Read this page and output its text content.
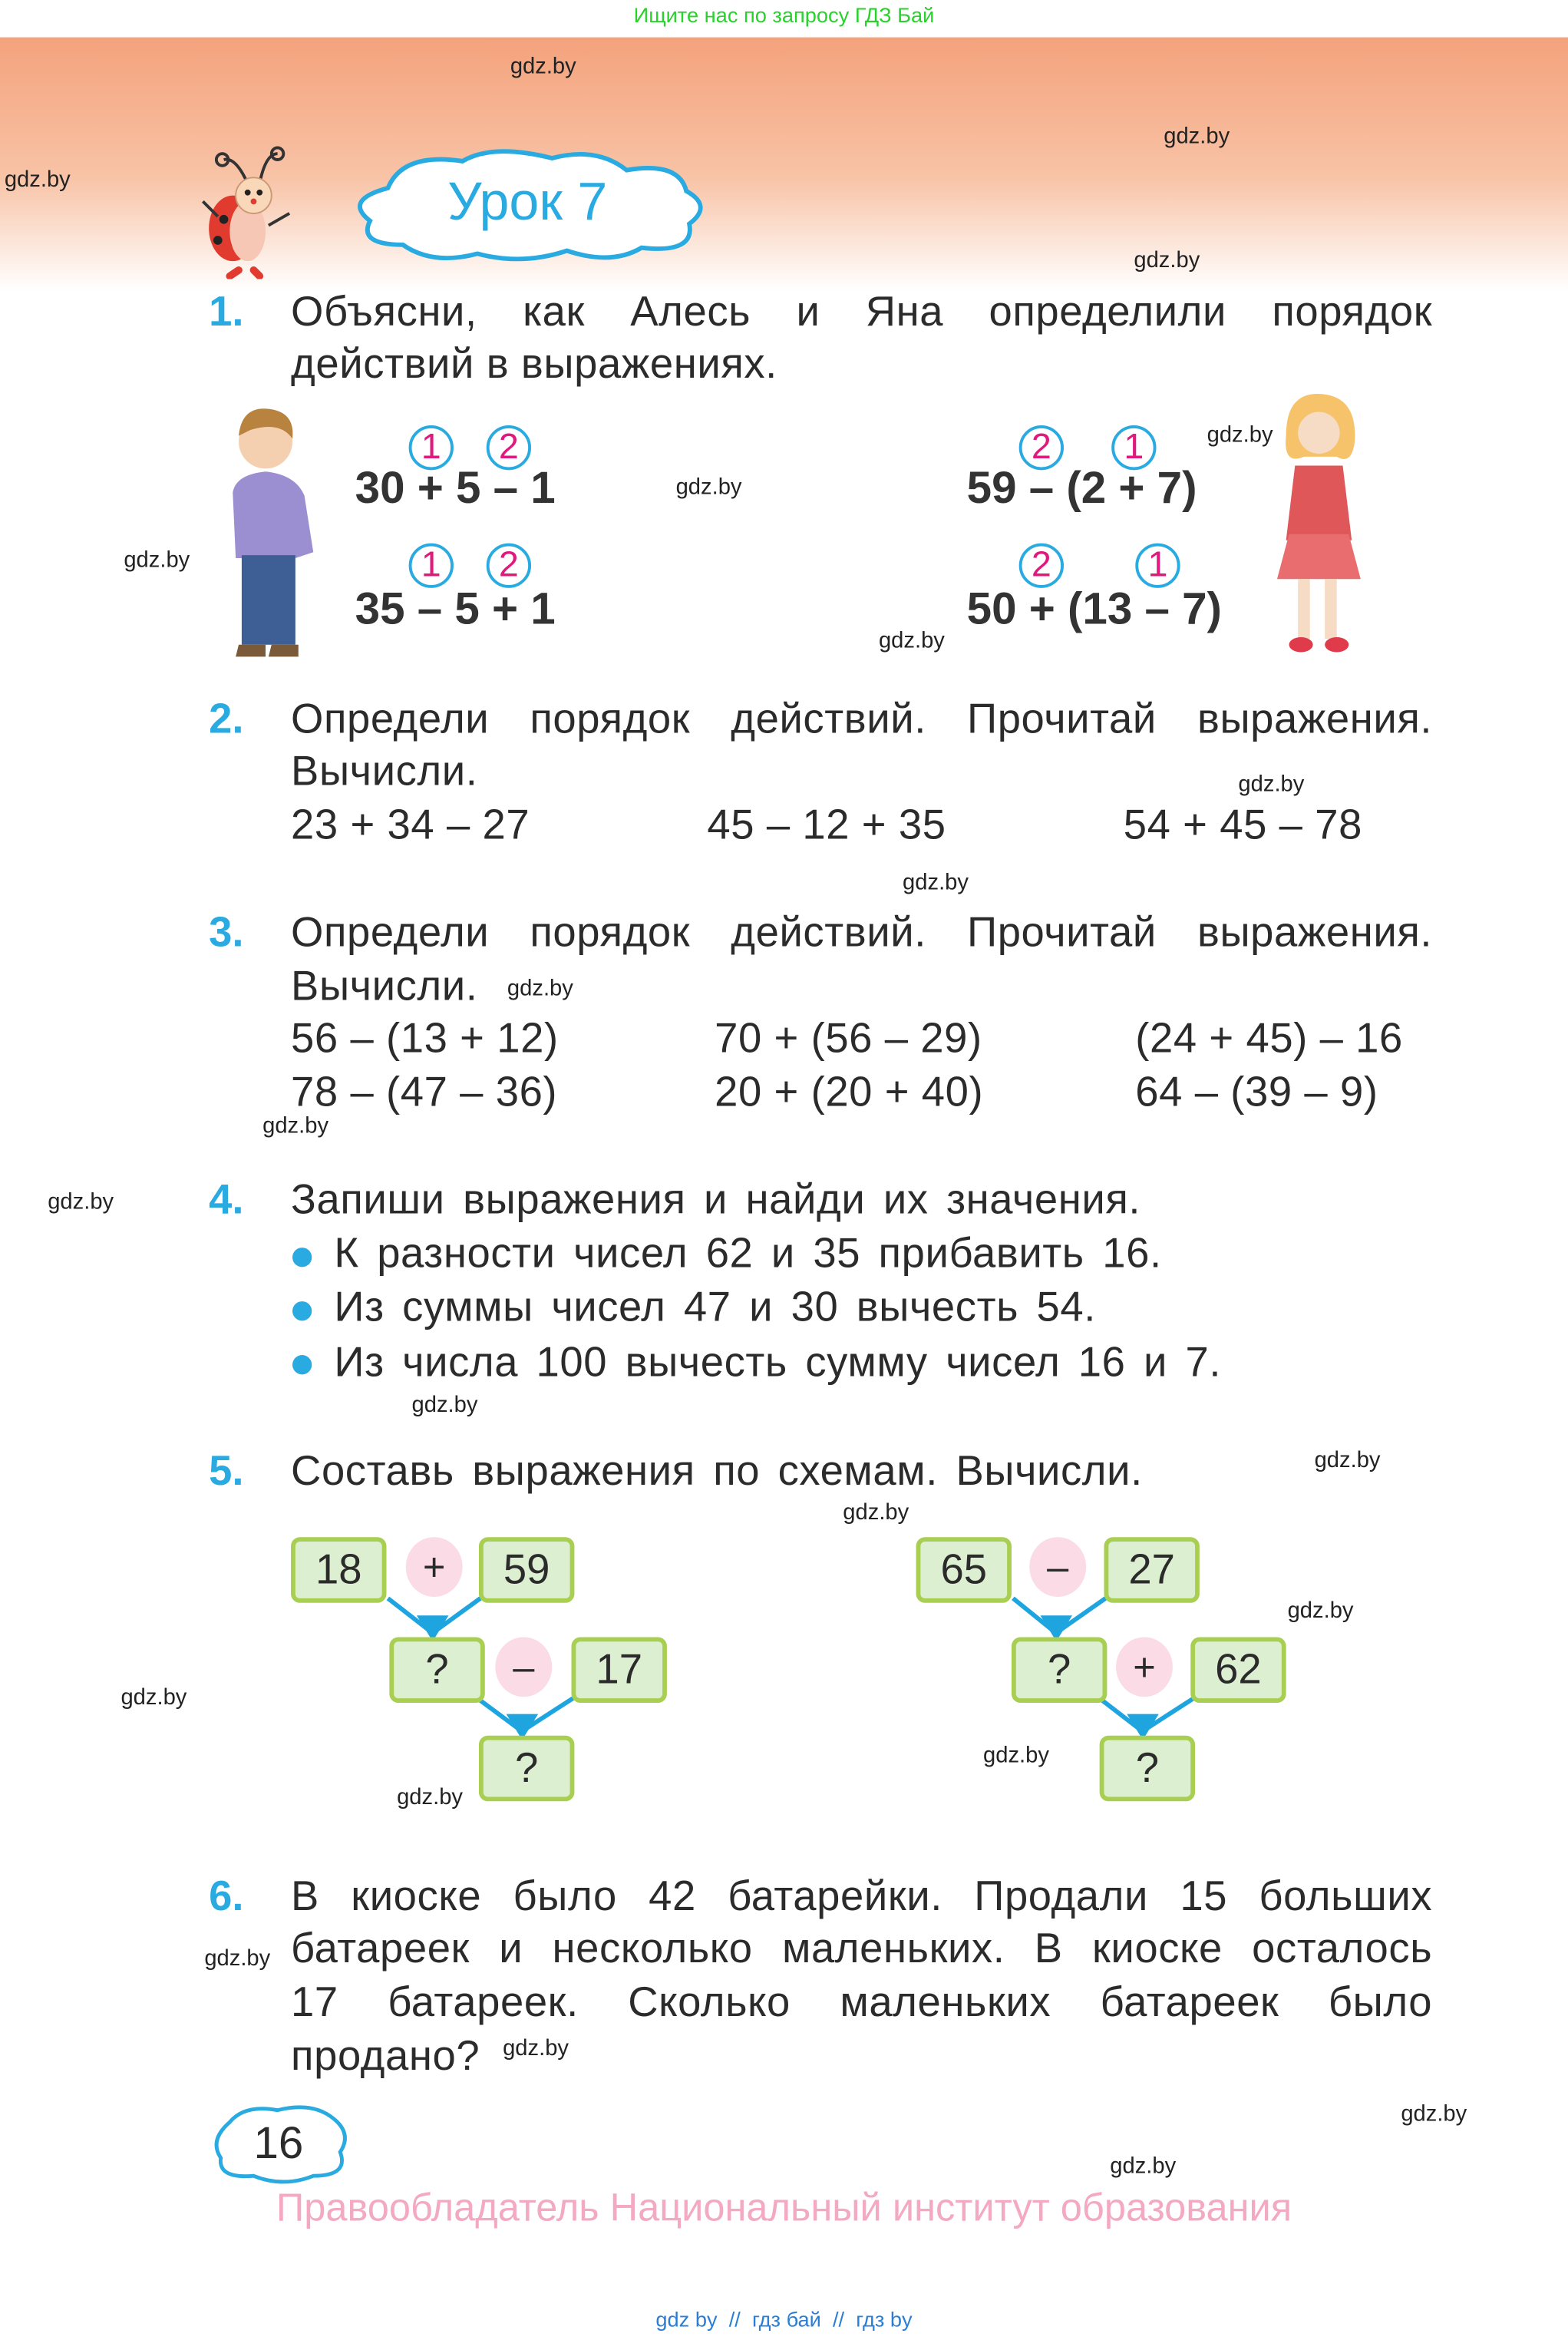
Ищите нас по запросу ГДЗ Бай
gdz.by
gdz.by
gdz.by
gdz.by
gdz.by
gdz.by
gdz.by
gdz.by
gdz.by
gdz.by
gdz.by
gdz.by
gdz.by
gdz.by
gdz.by
gdz.by
gdz.by
gdz.by
gdz.by
gdz.by
gdz.by
gdz.by
gdz.by
gdz.by
Урок 7
1. Объясни, как Алесь и Яна определили порядок
действий в выражениях.
1	2
30 + 5 – 1
1	2
35 – 5 + 1
2	1
59 – (2 + 7)
2	1
50 + (13 – 7)
2. Определи порядок действий. Прочитай выражения.
Вычисли.
23 + 34 – 27	45 – 12 + 35	54 + 45 – 78
3. Определи порядок действий. Прочитай выражения.
Вычисли.
56 – (13 + 12)	70 + (56 – 29)	(24 + 45) – 16
78 – (47 – 36)	20 + (20 + 40)	64 – (39 – 9)
4. Запиши выражения и найди их значения.
К разности чисел 62 и 35 прибавить 16.
Из суммы чисел 47 и 30 вычесть 54.
Из числа 100 вычесть сумму чисел 16 и 7.
5. Составь выражения по схемам. Вычисли.
18	+	59
?	–	17
?
65	–	27
?	+	62
?
6. В киоске было 42 батарейки. Продали 15 больших
батареек и несколько маленьких. В киоске осталось
17 батареек. Сколько маленьких батареек было
продано?
16
Правообладатель Национальный институт образования
gdz by  //  гдз бай  //  гдз by
